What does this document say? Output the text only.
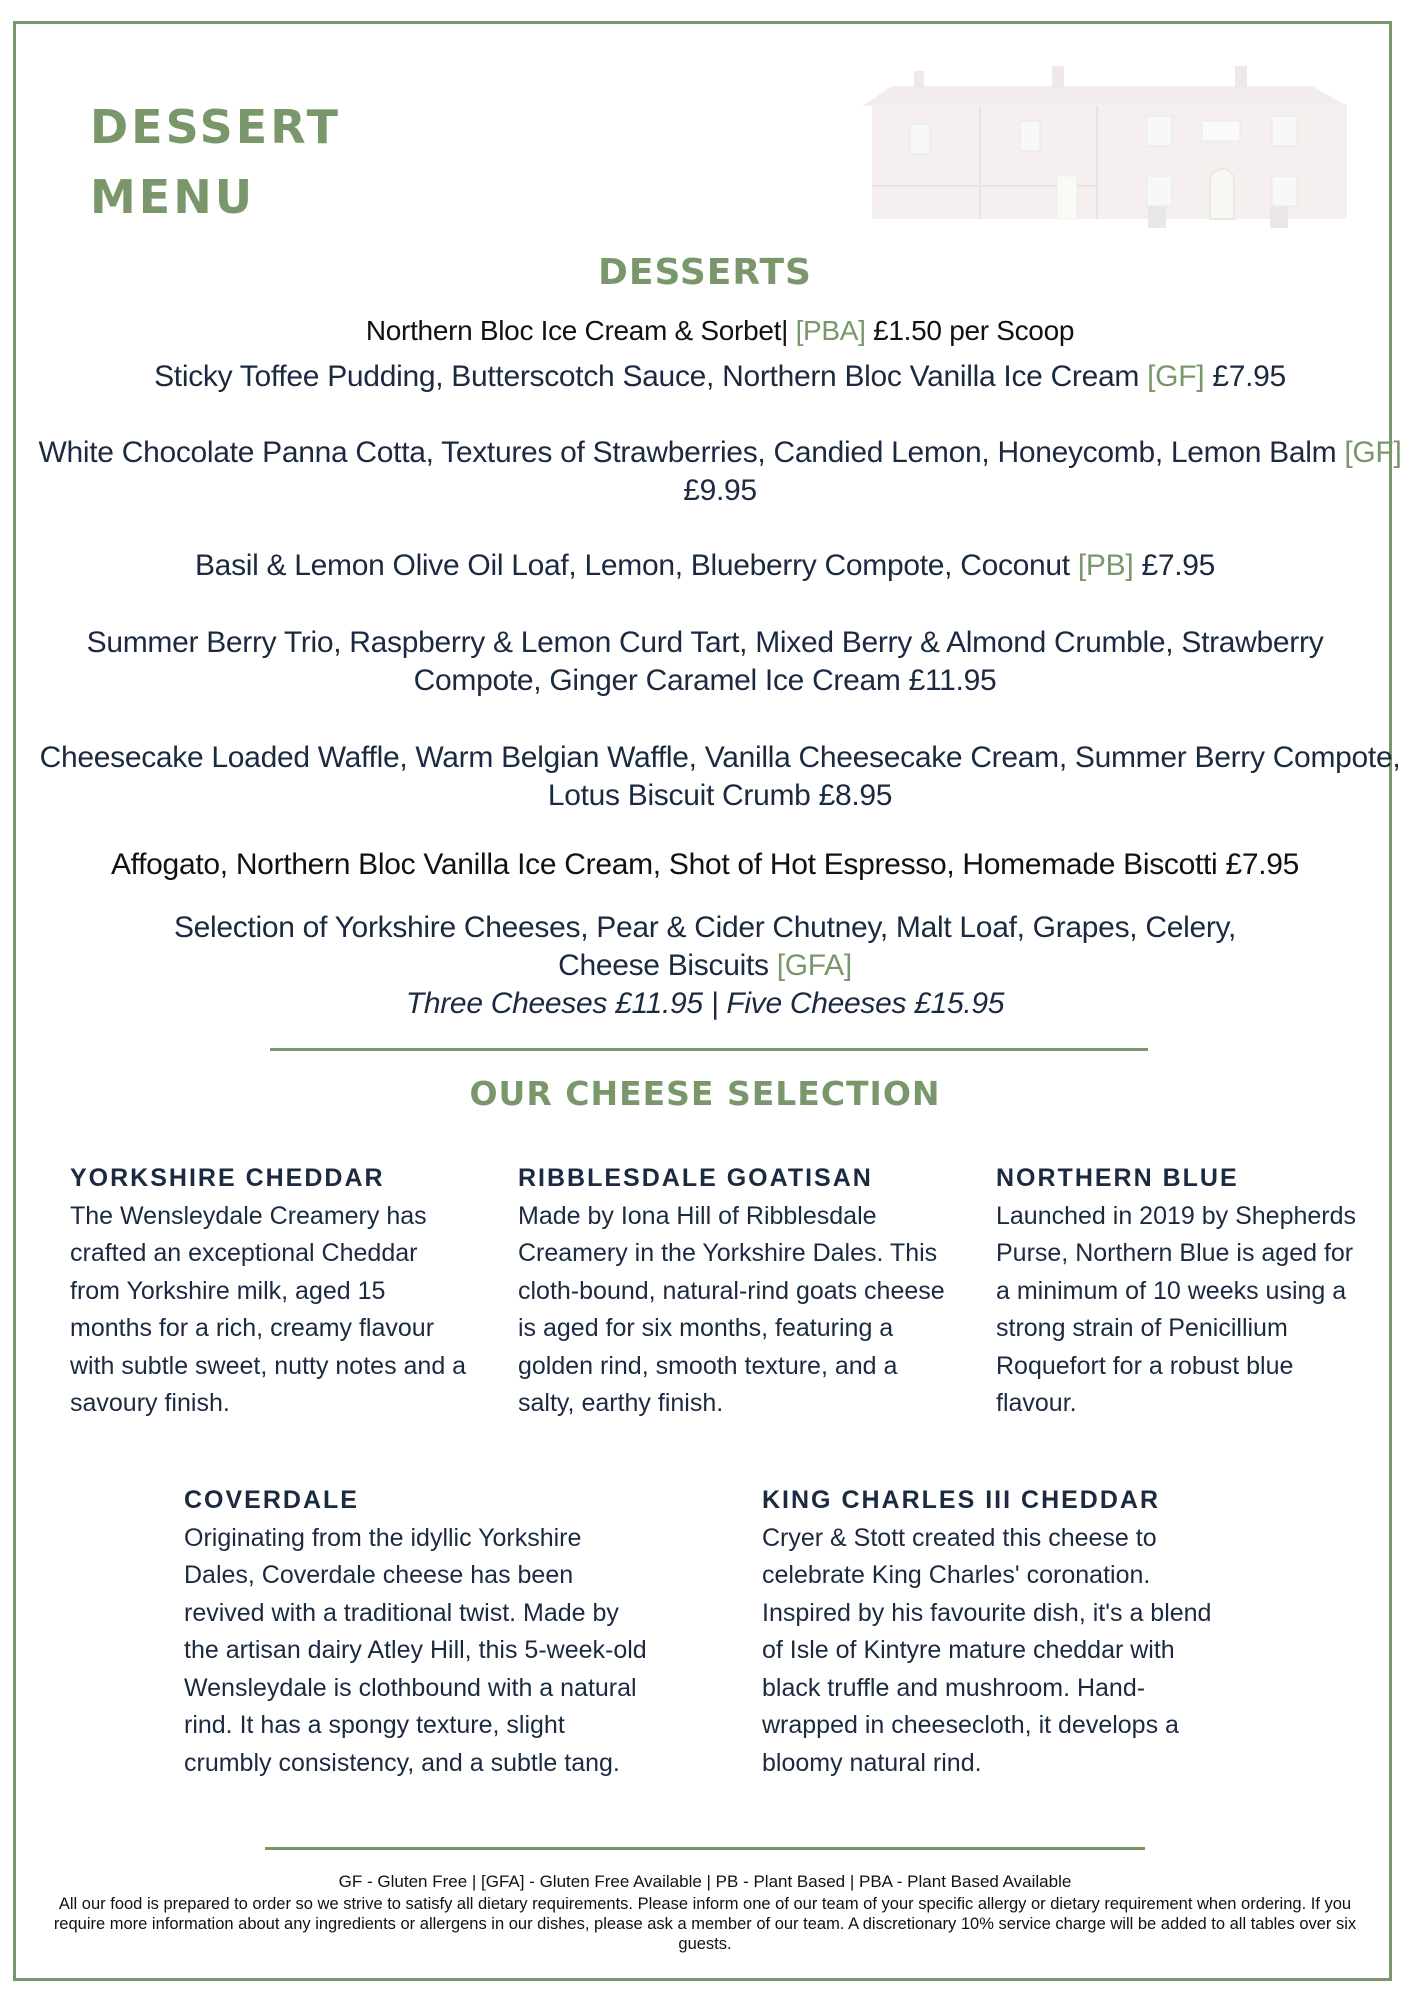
DESSERT
MENU
DESSERTS
Northern Bloc Ice Cream & Sorbet| [PBA] £1.50 per Scoop
Sticky Toffee Pudding, Butterscotch Sauce, Northern Bloc Vanilla Ice Cream [GF] £7.95
White Chocolate Panna Cotta, Textures of Strawberries, Candied Lemon, Honeycomb, Lemon Balm [GF] £9.95
Basil & Lemon Olive Oil Loaf, Lemon, Blueberry Compote, Coconut [PB] £7.95
Summer Berry Trio, Raspberry & Lemon Curd Tart, Mixed Berry & Almond Crumble, Strawberry Compote, Ginger Caramel Ice Cream £11.95
Cheesecake Loaded Waffle, Warm Belgian Waffle, Vanilla Cheesecake Cream, Summer Berry Compote, Lotus Biscuit Crumb £8.95
Affogato, Northern Bloc Vanilla Ice Cream, Shot of Hot Espresso, Homemade Biscotti £7.95
Selection of Yorkshire Cheeses, Pear & Cider Chutney, Malt Loaf, Grapes, Celery, Cheese Biscuits [GFA]
Three Cheeses £11.95 | Five Cheeses £15.95
OUR CHEESE SELECTION
YORKSHIRE CHEDDAR
The Wensleydale Creamery has crafted an exceptional Cheddar from Yorkshire milk, aged 15 months for a rich, creamy flavour with subtle sweet, nutty notes and a savoury finish.
RIBBLESDALE GOATISAN
Made by Iona Hill of Ribblesdale Creamery in the Yorkshire Dales. This cloth-bound, natural-rind goats cheese is aged for six months, featuring a golden rind, smooth texture, and a salty, earthy finish.
NORTHERN BLUE
Launched in 2019 by Shepherds Purse, Northern Blue is aged for a minimum of 10 weeks using a strong strain of Penicillium Roquefort for a robust blue flavour.
COVERDALE
Originating from the idyllic Yorkshire Dales, Coverdale cheese has been revived with a traditional twist. Made by the artisan dairy Atley Hill, this 5-week-old Wensleydale is clothbound with a natural rind. It has a spongy texture, slight crumbly consistency, and a subtle tang.
KING CHARLES III CHEDDAR
Cryer & Stott created this cheese to celebrate King Charles' coronation. Inspired by his favourite dish, it's a blend of Isle of Kintyre mature cheddar with black truffle and mushroom. Hand-wrapped in cheesecloth, it develops a bloomy natural rind.
GF - Gluten Free | [GFA] - Gluten Free Available | PB - Plant Based | PBA - Plant Based Available
All our food is prepared to order so we strive to satisfy all dietary requirements. Please inform one of our team of your specific allergy or dietary requirement when ordering. If you require more information about any ingredients or allergens in our dishes, please ask a member of our team. A discretionary 10% service charge will be added to all tables over six guests.
